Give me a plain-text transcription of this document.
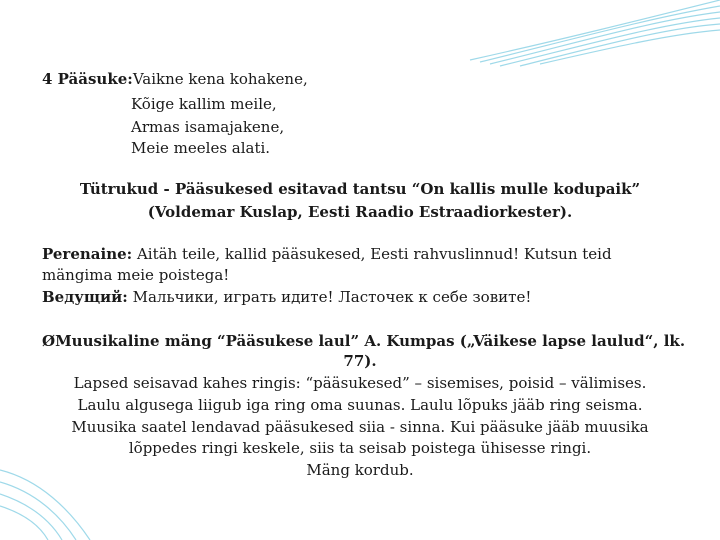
4 Pääsuke:Vaikne kena kohakene,
Kõige kallim meile,
Armas isamajakene,
Meie meeles alati.
Tütrukud - Pääsukesed esitavad tantsu “On kallis mulle kodupaik”
(Voldemar Kuslap, Eesti Raadio Estraadiorkester).
Perenaine: Aitäh teile, kallid pääsukesed, Eesti rahvuslinnud! Kutsun teid
mängima meie poistega!
Ведущий: Мальчики, играть идите! Ласточек к себе зовите!
ØMuusikaline mäng “Pääsukese laul” A. Kumpas („Väikese lapse laulud“, lk.
77).
Lapsed seisavad kahes ringis: “pääsukesed” – sisemises, poisid – välimises.
Laulu algusega liigub iga ring oma suunas. Laulu lõpuks jääb ring seisma.
Muusika saatel lendavad pääsukesed siia - sinna. Kui pääsuke jääb muusika
lõppedes ringi keskele, siis ta seisab poistega ühisesse ringi.
Mäng kordub.
